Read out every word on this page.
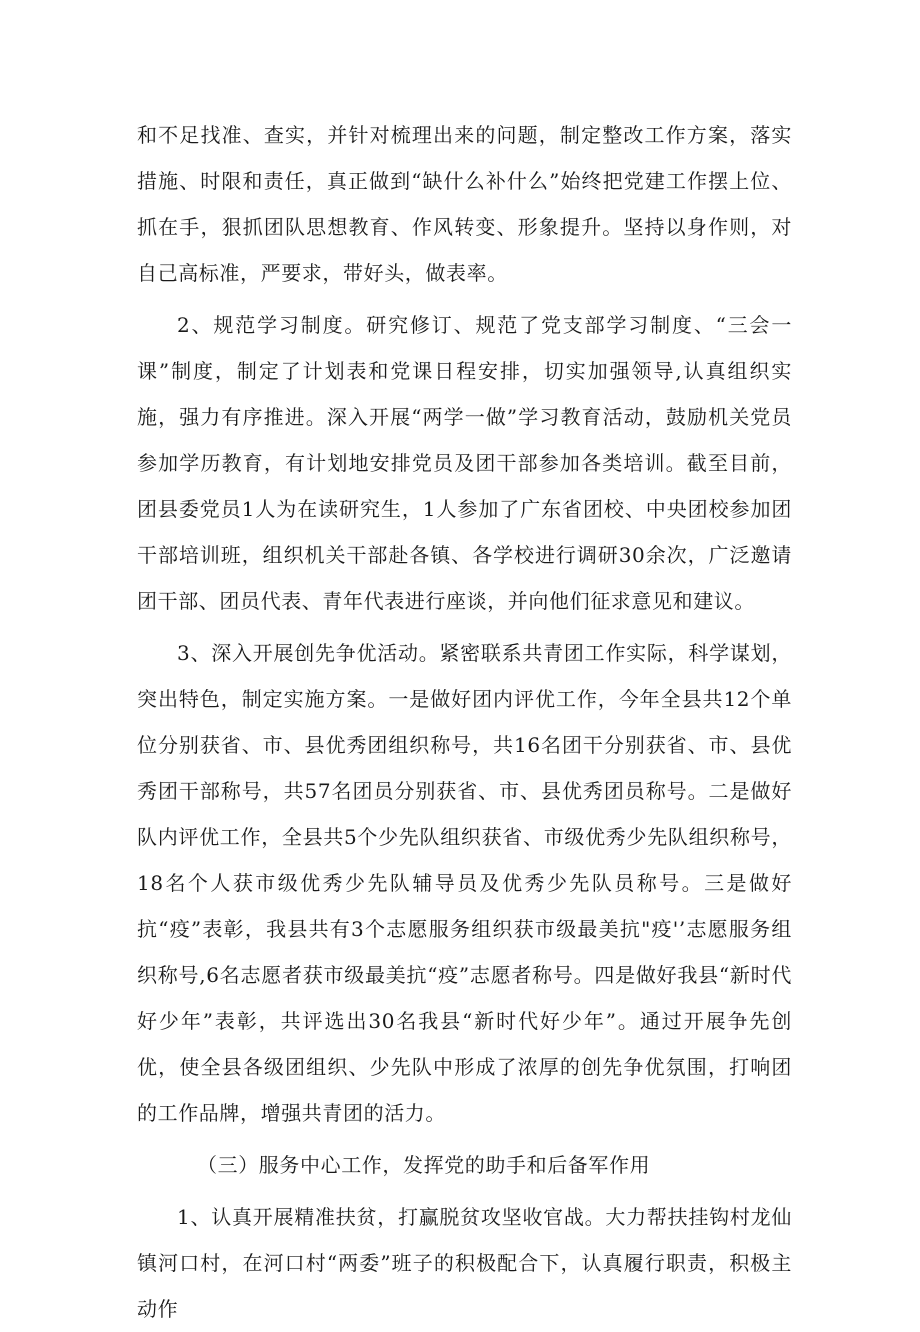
和不足找准、查实，并针对梳理出来的问题，制定整改工作方案，落实措施、时限和责任，真正做到“缺什么补什么”始终把党建工作摆上位、抓在手，狠抓团队思想教育、作风转变、形象提升。坚持以身作则，对自己高标准，严要求，带好头，做表率。

2、规范学习制度。研究修订、规范了党支部学习制度、“三会一课”制度，制定了计划表和党课日程安排，切实加强领导,认真组织实施，强力有序推进。深入开展“两学一做”学习教育活动，鼓励机关党员参加学历教育，有计划地安排党员及团干部参加各类培训。截至目前，团县委党员1人为在读研究生，1人参加了广东省团校、中央团校参加团干部培训班，组织机关干部赴各镇、各学校进行调研30余次，广泛邀请团干部、团员代表、青年代表进行座谈，并向他们征求意见和建议。

3、深入开展创先争优活动。紧密联系共青团工作实际，科学谋划，突出特色，制定实施方案。一是做好团内评优工作，今年全县共12个单位分别获省、市、县优秀团组织称号，共16名团干分别获省、市、县优秀团干部称号，共57名团员分别获省、市、县优秀团员称号。二是做好队内评优工作，全县共5个少先队组织获省、市级优秀少先队组织称号，18名个人获市级优秀少先队辅导员及优秀少先队员称号。三是做好抗“疫”表彰，我县共有3个志愿服务组织获市级最美抗"疫'’志愿服务组织称号,6名志愿者获市级最美抗“疫”志愿者称号。四是做好我县“新时代好少年”表彰，共评选出30名我县“新时代好少年”。通过开展争先创优，使全县各级团组织、少先队中形成了浓厚的创先争优氛围，打响团的工作品牌，增强共青团的活力。

（三）服务中心工作，发挥党的助手和后备军作用

1、认真开展精准扶贫，打赢脱贫攻坚收官战。大力帮扶挂钩村龙仙镇河口村，在河口村“两委”班子的积极配合下，认真履行职责，积极主动作
